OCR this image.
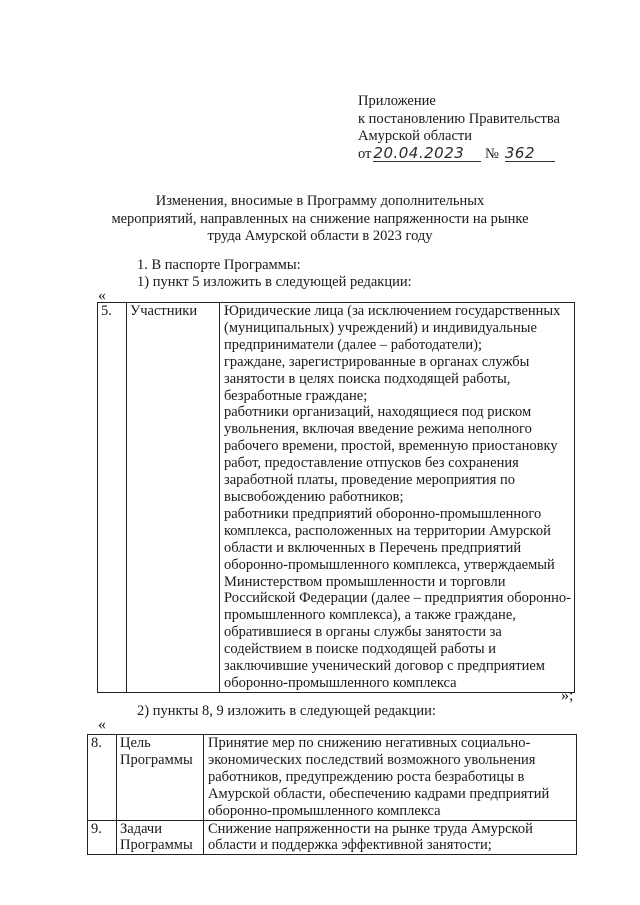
Приложение
к постановлению Правительства
Амурской области
от 20.04.2023 № 362
Изменения, вносимые в Программу дополнительных
мероприятий, направленных на снижение напряженности на рынке
труда Амурской области в 2023 году
1. В паспорте Программы:
1) пункт 5 изложить в следующей редакции:
«
5.	Участники	Юридические лица (за исключением государственных
(муниципальных) учреждений) и индивидуальные
предприниматели (далее – работодатели);
граждане, зарегистрированные в органах службы
занятости в целях поиска подходящей работы,
безработные граждане;
работники организаций, находящиеся под риском
увольнения, включая введение режима неполного
рабочего времени, простой, временную приостановку
работ, предоставление отпусков без сохранения
заработной платы, проведение мероприятия по
высвобождению работников;
работники предприятий оборонно-промышленного
комплекса, расположенных на территории Амурской
области и включенных в Перечень предприятий
оборонно-промышленного комплекса, утверждаемый
Министерством промышленности и торговли
Российской Федерации (далее – предприятия оборонно-
промышленного комплекса), а также граждане,
обратившиеся в органы службы занятости за
содействием в поиске подходящей работы и
заключившие ученический договор с предприятием
оборонно-промышленного комплекса
»;
2) пункты 8, 9 изложить в следующей редакции:
«
8.	Цель
Программы	Принятие мер по снижению негативных социально-
экономических последствий возможного увольнения
работников, предупреждению роста безработицы в
Амурской области, обеспечению кадрами предприятий
оборонно-промышленного комплекса

9.	Задачи
Программы	Снижение напряженности на рынке труда Амурской
области и поддержка эффективной занятости;
